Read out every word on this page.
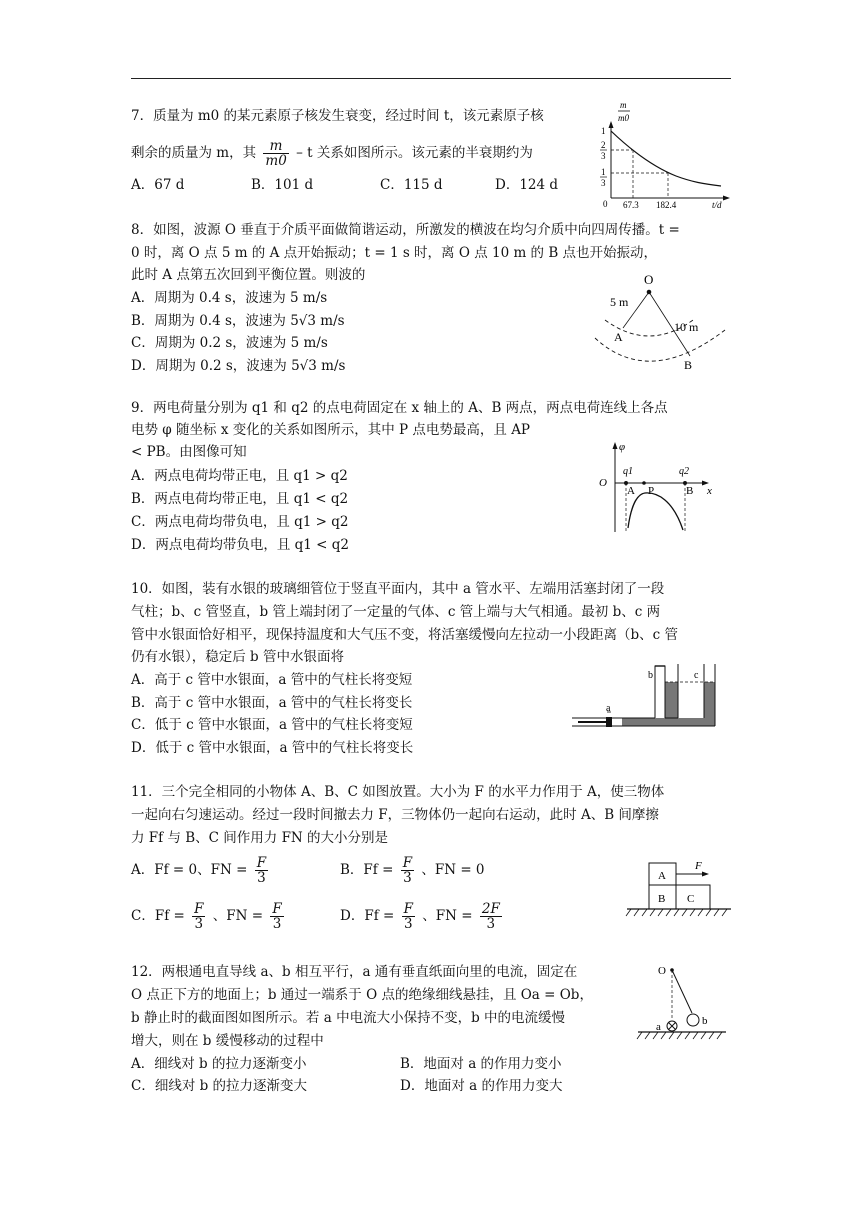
7．质量为 m0 的某元素原子核发生衰变，经过时间 t，该元素原子核
剩余的质量为 m，其 $\frac{m}{m0}$ – t 关系如图所示。该元素的半衰期约为
A．67 d	B．101 d	C．115 d	D．124 d
m
m0
1
2
3
1
3
0 67.3 182.4	t/d
8．如图，波源 O 垂直于介质平面做简谐运动，所激发的横波在均匀介质中向四周传播。t =
0 时，离 O 点 5 m 的 A 点开始振动；t = 1 s 时，离 O 点 10 m 的 B 点也开始振动，
此时 A 点第五次回到平衡位置。则波的
A．周期为 0.4 s，波速为 5 m/s
B．周期为 0.4 s，波速为 5√3 m/s
C．周期为 0.2 s，波速为 5 m/s
D．周期为 0.2 s，波速为 5√3 m/s
O
5 m
10 m
A
B
9．两电荷量分别为 q1 和 q2 的点电荷固定在 x 轴上的 A、B 两点，两点电荷连线上各点
电势 φ 随坐标 x 变化的关系如图所示，其中 P 点电势最高，且 AP
< PB。由图像可知
A．两点电荷均带正电，且 q1 > q2
B．两点电荷均带正电，且 q1 < q2
C．两点电荷均带负电，且 q1 > q2
D．两点电荷均带负电，且 q1 < q2
φ
O
q1	q2
A P	B x
10．如图，装有水银的玻璃细管位于竖直平面内，其中 a 管水平、左端用活塞封闭了一段
气柱；b、c 管竖直，b 管上端封闭了一定量的气体、c 管上端与大气相通。最初 b、c 两
管中水银面恰好相平，现保持温度和大气压不变，将活塞缓慢向左拉动一小段距离（b、c 管
仍有水银），稳定后 b 管中水银面将
A．高于 c 管中水银面，a 管中的气柱长将变短
B．高于 c 管中水银面，a 管中的气柱长将变长
C．低于 c 管中水银面，a 管中的气柱长将变短
D．低于 c 管中水银面，a 管中的气柱长将变长
a
b	c
11．三个完全相同的小物体 A、B、C 如图放置。大小为 F 的水平力作用于 A，使三物体
一起向右匀速运动。经过一段时间撤去力 F，三物体仍一起向右运动，此时 A、B 间摩擦
力 Ff 与 B、C 间作用力 FN 的大小分别是
A．Ff = 0、FN = $\frac{F}{3}$	B．$Ff = \frac{F}{3}$ 、FN = 0
C．$Ff = \frac{F}{3}$ 、FN = $\frac{F}{3}$	D．$Ff = \frac{F}{3}$ 、FN = $\frac{2F}{3}$
A
F
B C
12．两根通电直导线 a、b 相互平行，a 通有垂直纸面向里的电流，固定在
O 点正下方的地面上；b 通过一端系于 O 点的绝缘细线悬挂，且 Oa = Ob，
b 静止时的截面图如图所示。若 a 中电流大小保持不变，b 中的电流缓慢
增大，则在 b 缓慢移动的过程中
A．细线对 b 的拉力逐渐变小	B．地面对 a 的作用力变小
C．细线对 b 的拉力逐渐变大	D．地面对 a 的作用力变大
O
b
a
